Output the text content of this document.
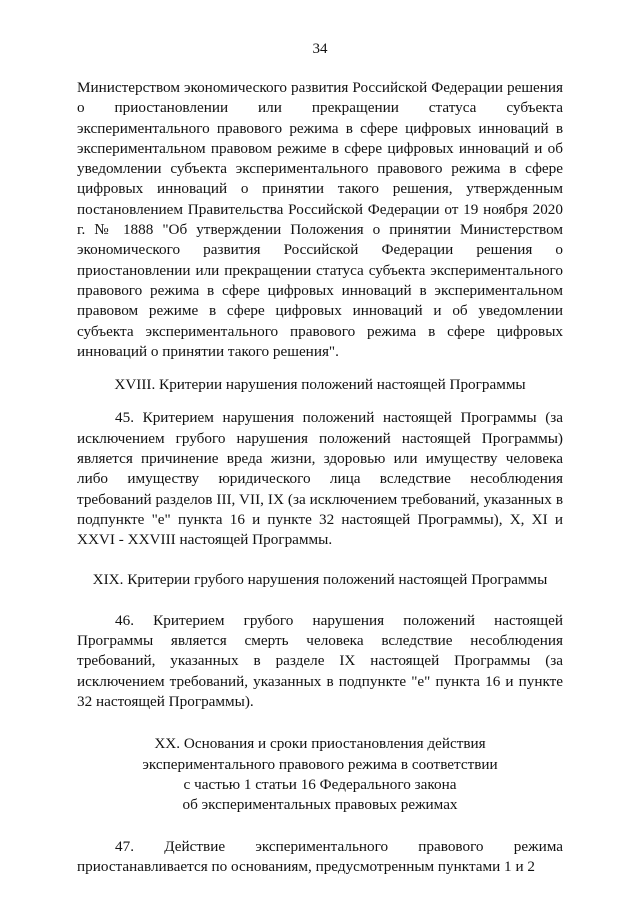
34

Министерством экономического развития Российской Федерации решения о приостановлении или прекращении статуса субъекта экспериментального правового режима в сфере цифровых инноваций в экспериментальном правовом режиме в сфере цифровых инноваций и об уведомлении субъекта экспериментального правового режима в сфере цифровых инноваций о принятии такого решения, утвержденным постановлением Правительства Российской Федерации от 19 ноября 2020 г. № 1888 "Об утверждении Положения о принятии Министерством экономического развития Российской Федерации решения о приостановлении или прекращении статуса субъекта экспериментального правового режима в сфере цифровых инноваций в экспериментальном правовом режиме в сфере цифровых инноваций и об уведомлении субъекта экспериментального правового режима в сфере цифровых инноваций о принятии такого решения".

XVIII. Критерии нарушения положений настоящей Программы

45. Критерием нарушения положений настоящей Программы (за исключением грубого нарушения положений настоящей Программы) является причинение вреда жизни, здоровью или имуществу человека либо имуществу юридического лица вследствие несоблюдения требований разделов III, VII, IX (за исключением требований, указанных в подпункте "е" пункта 16 и пункте 32 настоящей Программы), X, XI и XXVI - XXVIII настоящей Программы.

XIX. Критерии грубого нарушения положений настоящей Программы

46. Критерием грубого нарушения положений настоящей Программы является смерть человека вследствие несоблюдения требований, указанных в разделе IX настоящей Программы (за исключением требований, указанных в подпункте "е" пункта 16 и пункте 32 настоящей Программы).

XX. Основания и сроки приостановления действия
экспериментального правового режима в соответствии
с частью 1 статьи 16 Федерального закона
об экспериментальных правовых режимах

47. Действие экспериментального правового режима приостанавливается по основаниям, предусмотренным пунктами 1 и 2
